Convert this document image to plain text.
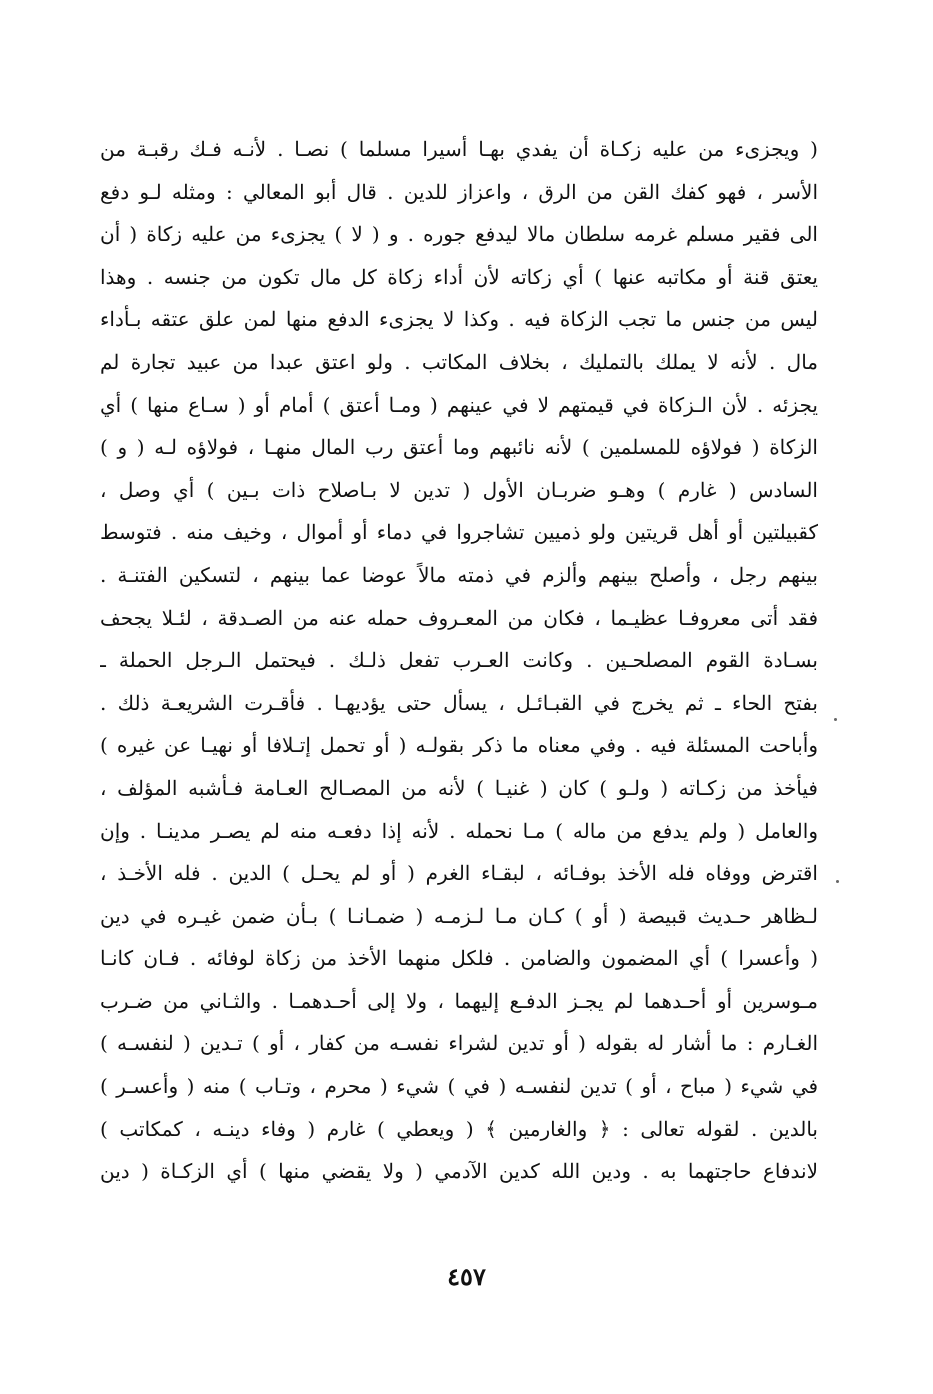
( ويجزىء من عليه زكـاة أن يفدي بهـا أسيرا مسلما ) نصـا . لأنـه فـك رقبـة من
الأسر ، فهو كفك القن من الرق ، واعزاز للدين . قال أبو المعالي : ومثله لـو دفع
الى فقير مسلم غرمه سلطان مالا ليدفع جوره . و ( لا ) يجزىء من عليه زكاة ( أن
يعتق قنة أو مكاتبه عنها ) أي زكاته لأن أداء زكاة كل مال تكون من جنسه . وهذا
ليس من جنس ما تجب الزكاة فيه . وكذا لا يجزىء الدفع منها لمن علق عتقه بـأداء
مال . لأنه لا يملك بالتمليك ، بخلاف المكاتب . ولو اعتق عبدا من عبيد تجارة لم
يجزئه . لأن الـزكاة في قيمتهم لا في عينهم ( ومـا أعتق ) أمام أو ( سـاع منها ) أي
الزكاة ( فولاؤه للمسلمين ) لأنه نائبهم وما أعتق رب المال منهـا ، فولاؤه لـه ( و )
السادس ( غارم ) وهـو ضربـان الأول ( تدين لا بـاصلاح ذات بـين ) أي وصل ،
كقبيلتين أو أهل قريتين ولو ذميين تشاجروا في دماء أو أموال ، وخيف منه . فتوسط
بينهم رجل ، وأصلح بينهم وألزم في ذمته مالاً عوضا عما بينهم ، لتسكين الفتنـة .
فقد أتى معروفـا عظيـما ، فكان من المعـروف حمله عنه من الصـدقة ، لئـلا يجحف
بسـادة القوم المصلحـين . وكانت العـرب تفعل ذلـك . فيحتمل الـرجل الحملة ـ
بفتح الحاء ـ ثم يخرج في القبـائـل ، يسأل حتى يؤديهـا . فأقـرت الشريعـة ذلك .
وأباحت المسئلة فيه . وفي معناه ما ذكر بقولـه ( أو تحمل إتـلافا أو نهيـا عن غيره )
فيأخذ من زكـاته ( ولـو ) كان ( غنيـا ) لأنه من المصـالح العـامة فـأشبه المؤلف ،
والعامل ( ولم يدفع من ماله ) مـا نحمله . لأنه إذا دفعـه منه لم يصـر مدينـا . وإن
اقترض ووفاه فله الأخذ بوفـائه ، لبقـاء الغرم ( أو لم يحـل ) الدين . فله الأخـذ ،
لـظاهر حـديث قبيصة ( أو ) كـان مـا لـزمـه ( ضمـانـا ) بـأن ضمن غيـره في دين
( وأعسرا ) أي المضمون والضامن . فلكل منهما الأخذ من زكاة لوفائه . فـان كانـا
مـوسرين أو أحـدهما لم يجـز الدفـع إليهما ، ولا إلى أحـدهمـا . والثـاني من ضـرب
الغـارم : ما أشار له بقوله ( أو تدين لشراء نفسـه من كفار ، أو ) تـدين ( لنفسـه )
في شيء ( مباح ، أو ) تدين لنفسـه ( في ) شيء ( محرم ، وتـاب ) منه ( وأعسـر )
بالدين . لقوله تعالى : ﴿ والغارمين ﴾ ( ويعطي ) غارم ( وفاء دينـه ، كمكاتب )
لاندفاع حاجتهما به . ودين الله كدين الآدمي ( ولا يقضي منها ) أي الزكـاة ( دين
٤٥٧
